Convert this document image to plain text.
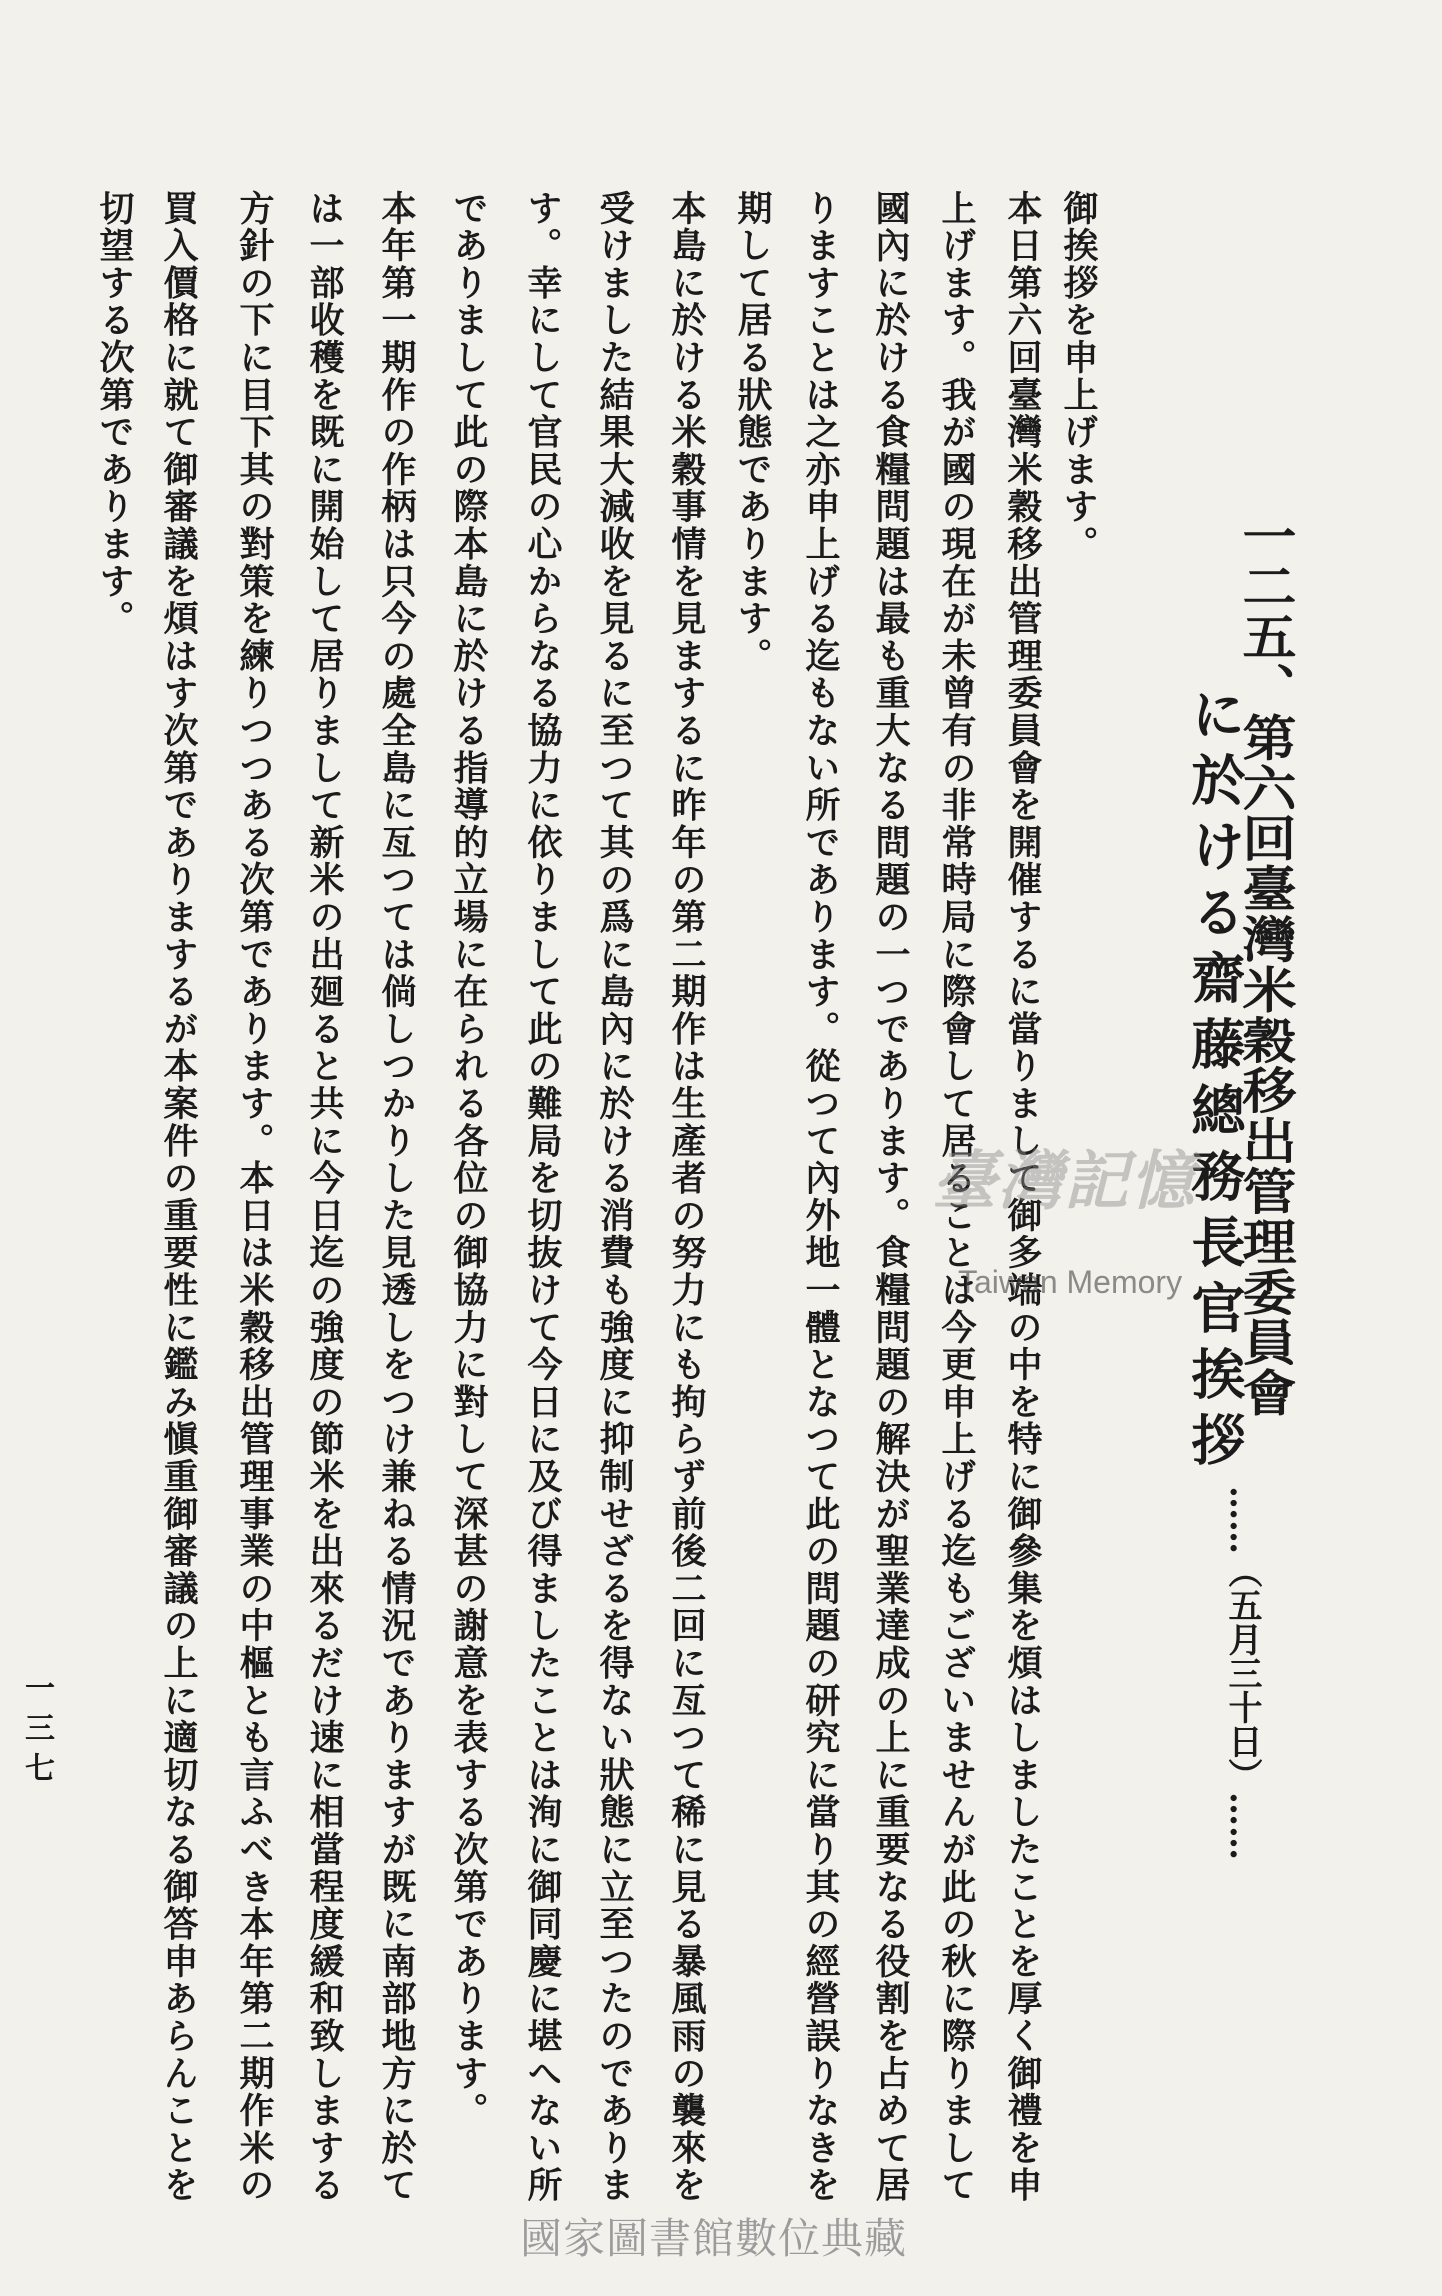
一二五、第六回臺灣米穀移出管理委員會
に於ける齋藤總務長官挨拶
……（五月三十日）……
御挨拶を申上げます。
本日第六回臺灣米穀移出管理委員會を開催するに當りまして御多端の中を特に御參集を煩はしましたことを厚く御禮を申
上げます。我が國の現在が未曾有の非常時局に際會して居ることは今更申上げる迄もございませんが此の秋に際りまして
國內に於ける食糧問題は最も重大なる問題の一つであります。食糧問題の解決が聖業達成の上に重要なる役割を占めて居
りますことは之亦申上げる迄もない所であります。從つて內外地一體となつて此の問題の研究に當り其の經營誤りなきを
期して居る狀態であります。
本島に於ける米穀事情を見まするに昨年の第二期作は生產者の努力にも拘らず前後二回に亙つて稀に見る暴風雨の襲來を
受けました結果大減收を見るに至つて其の爲に島內に於ける消費も強度に抑制せざるを得ない狀態に立至つたのでありま
す。幸にして官民の心からなる協力に依りまして此の難局を切抜けて今日に及び得ましたことは洵に御同慶に堪へない所
でありまして此の際本島に於ける指導的立場に在られる各位の御協力に對して深甚の謝意を表する次第であります。
本年第一期作の作柄は只今の處全島に亙つては倘しつかりした見透しをつけ兼ねる情況でありますが既に南部地方に於て
は一部收穫を既に開始して居りまして新米の出廻ると共に今日迄の強度の節米を出來るだけ速に相當程度緩和致しまする
方針の下に目下其の對策を練りつつある次第であります。本日は米穀移出管理事業の中樞とも言ふべき本年第二期作米の
買入價格に就て御審議を煩はす次第でありまするが本案件の重要性に鑑み愼重御審議の上に適切なる御答申あらんことを
切望する次第であります。
一三七
臺灣記憶
Taiwan Memory
國家圖書館數位典藏
